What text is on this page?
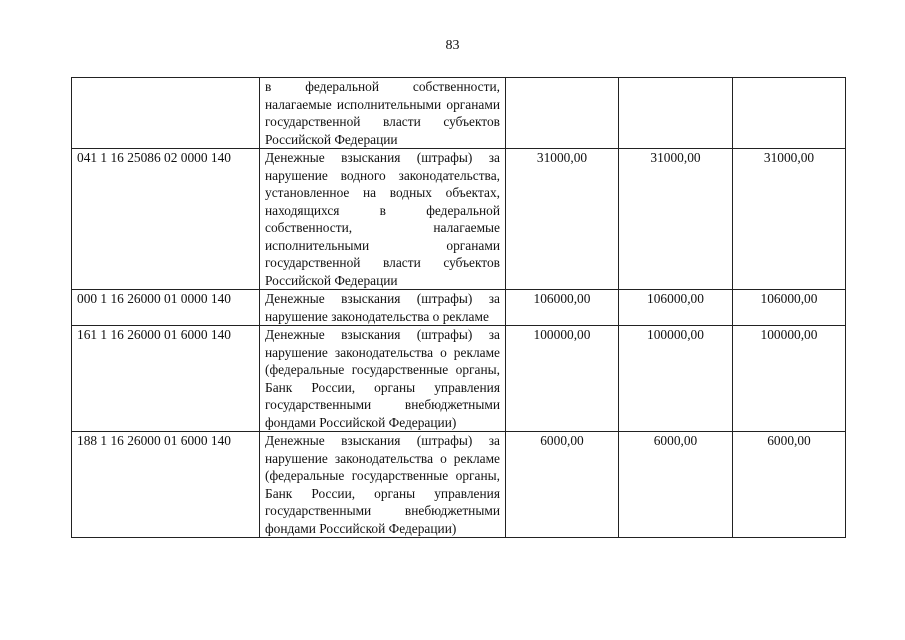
83
	в федеральной собственности, налагаемые исполнительными органами государственной власти субъектов Российской Федерации			
041 1 16 25086 02 0000 140	Денежные взыскания (штрафы) за нарушение водного законодательства, установленное на водных объектах, находящихся в федеральной собственности, налагаемые исполнительными органами государственной власти субъектов Российской Федерации	31000,00	31000,00	31000,00
000 1 16 26000 01 0000 140	Денежные взыскания (штрафы) за нарушение законодательства о рекламе	106000,00	106000,00	106000,00
161 1 16 26000 01 6000 140	Денежные взыскания (штрафы) за нарушение законодательства о рекламе (федеральные государственные органы, Банк России, органы управления государственными внебюджетными фондами Российской Федерации)	100000,00	100000,00	100000,00
188 1 16 26000 01 6000 140	Денежные взыскания (штрафы) за нарушение законодательства о рекламе (федеральные государственные органы, Банк России, органы управления государственными внебюджетными фондами Российской Федерации)	6000,00	6000,00	6000,00
